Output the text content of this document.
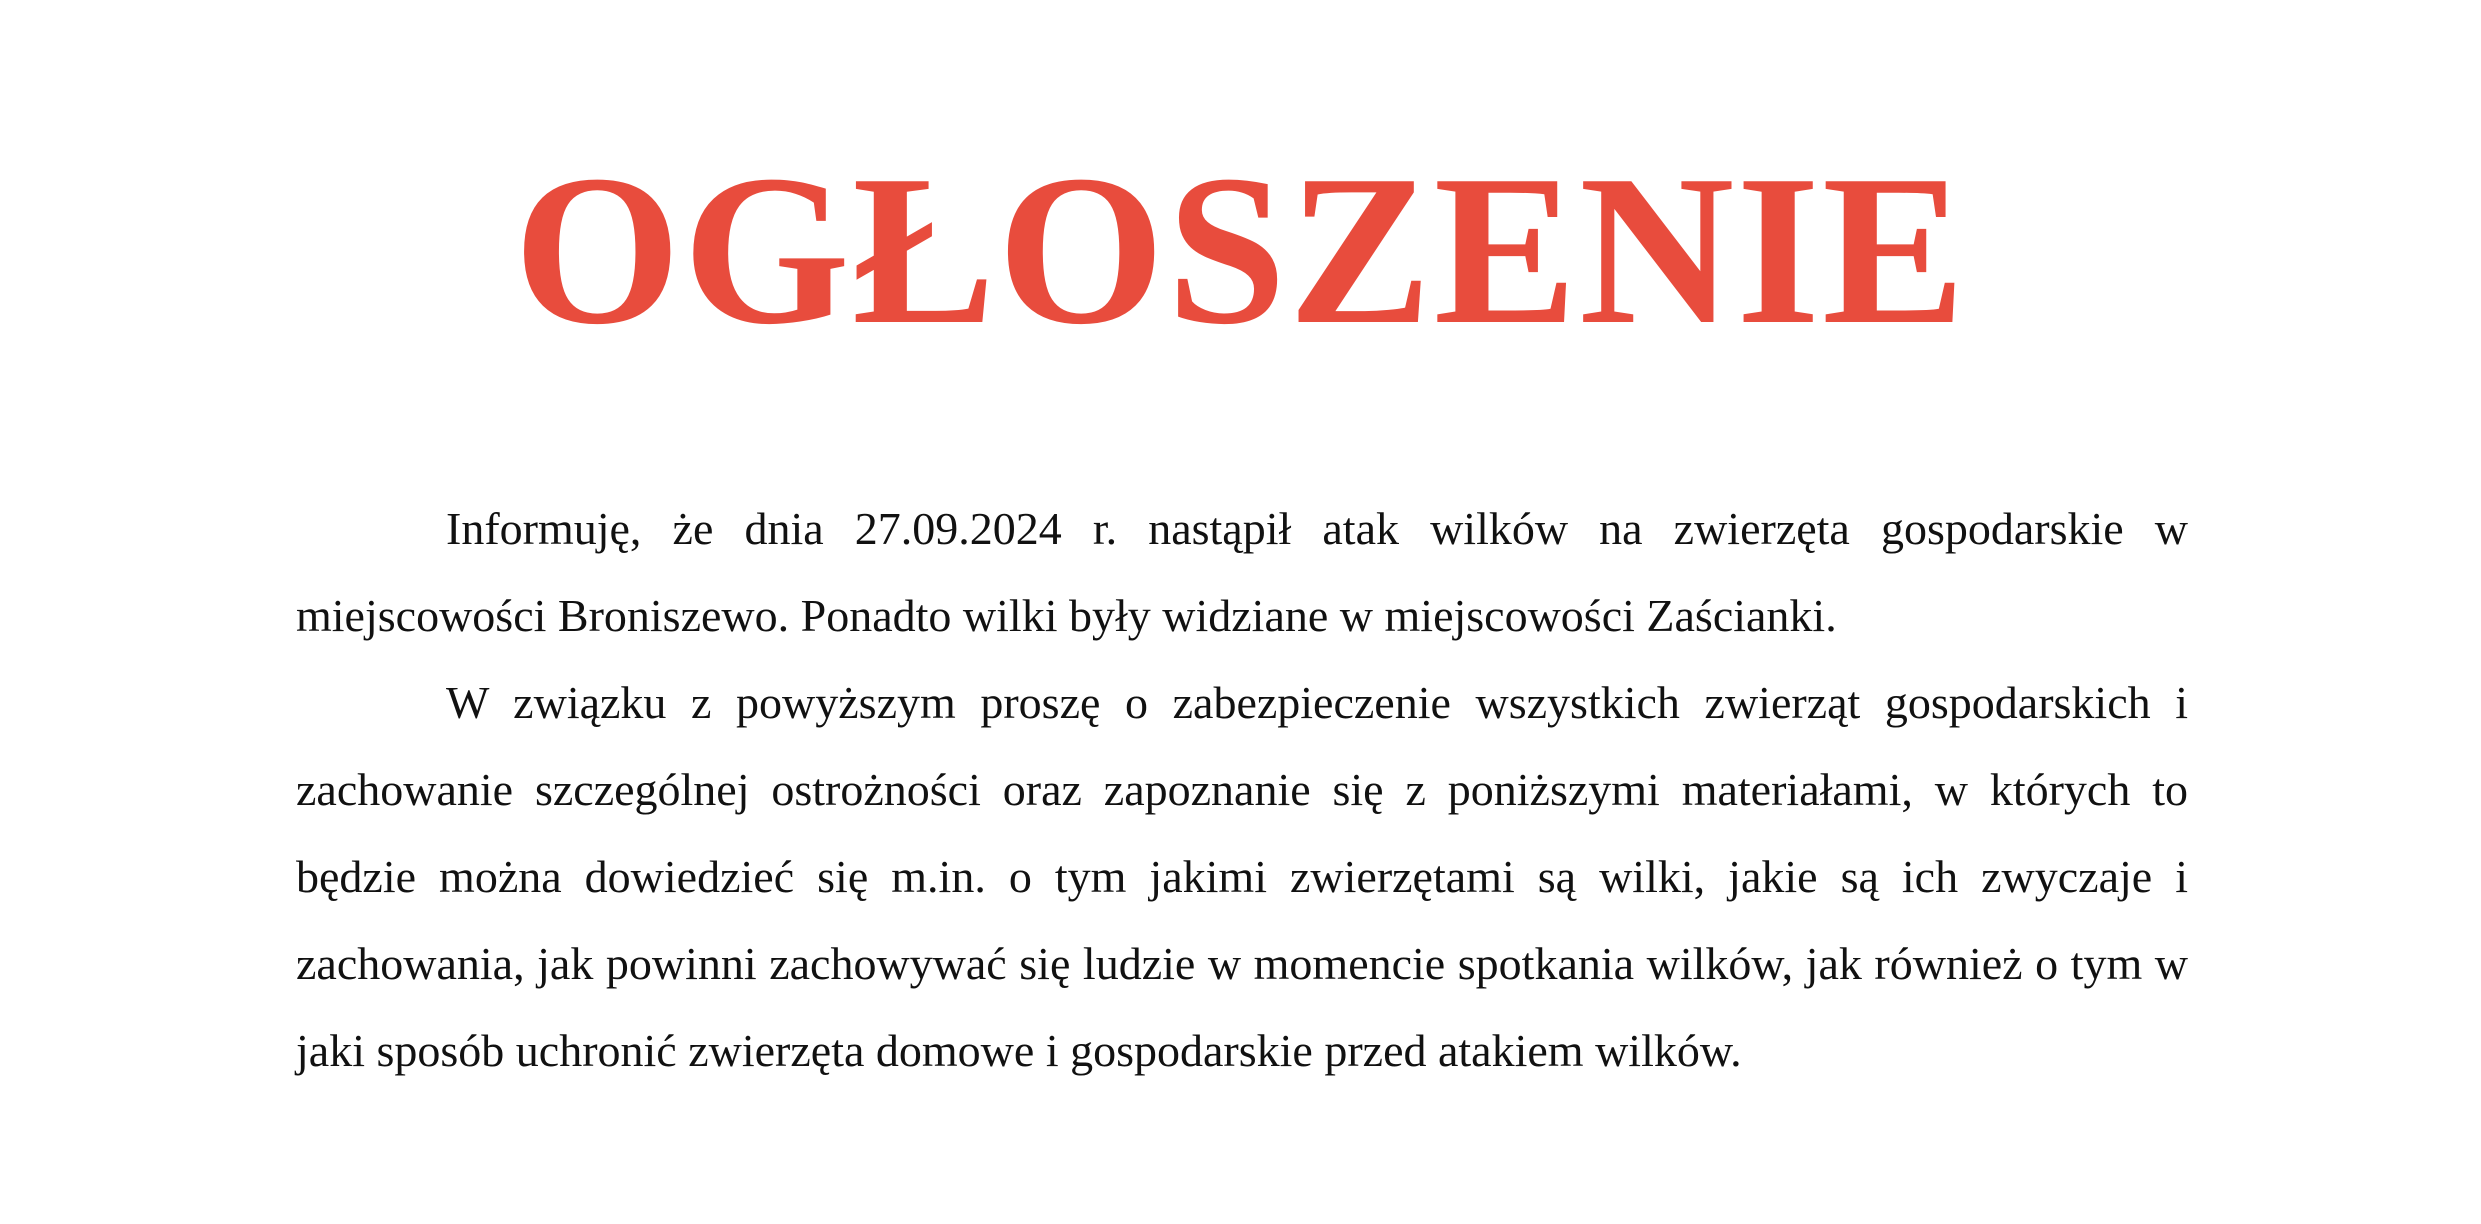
OGŁOSZENIE

Informuję, że dnia 27.09.2024 r. nastąpił atak wilków na zwierzęta gospodarskie w miejscowości Broniszewo. Ponadto wilki były widziane w miejscowości Zaścianki.

W związku z powyższym proszę o zabezpieczenie wszystkich zwierząt gospodarskich i zachowanie szczególnej ostrożności oraz zapoznanie się z poniższymi materiałami, w których to będzie można dowiedzieć się m.in. o tym jakimi zwierzętami są wilki, jakie są ich zwyczaje i zachowania, jak powinni zachowywać się ludzie w momencie spotkania wilków, jak również o tym w jaki sposób uchronić zwierzęta domowe i gospodarskie przed atakiem wilków.
